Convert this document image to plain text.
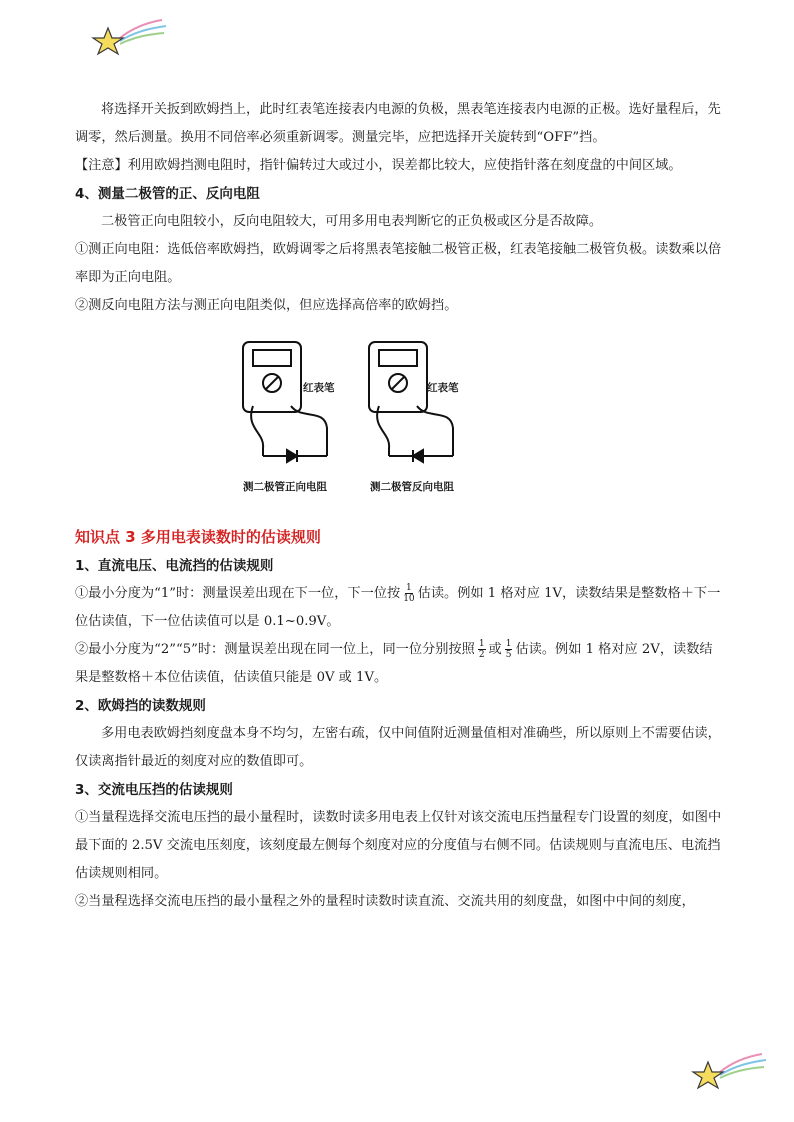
将选择开关扳到欧姆挡上，此时红表笔连接表内电源的负极，黑表笔连接表内电源的正极。选好量程后，先调零，然后测量。换用不同倍率必须重新调零。测量完毕，应把选择开关旋转到“OFF”挡。

【注意】利用欧姆挡测电阻时，指针偏转过大或过小，误差都比较大，应使指针落在刻度盘的中间区域。

4、测量二极管的正、反向电阻

二极管正向电阻较小，反向电阻较大，可用多用电表判断它的正负极或区分是否故障。

①测正向电阻：选低倍率欧姆挡，欧姆调零之后将黑表笔接触二极管正极，红表笔接触二极管负极。读数乘以倍率即为正向电阻。

②测反向电阻方法与测正向电阻类似，但应选择高倍率的欧姆挡。

红表笔	红表笔
测二极管正向电阻	测二极管反向电阻

知识点 3 多用电表读数时的估读规则

1、直流电压、电流挡的估读规则

①最小分度为“1”时：测量误差出现在下一位，下一位按 $\frac{1}{10}$ 估读。例如 1 格对应 1V，读数结果是整数格＋下一位估读值，下一位估读值可以是 0.1~0.9V。

②最小分度为“2”“5”时：测量误差出现在同一位上，同一位分别按照 $\frac{1}{2}$ 或 $\frac{1}{5}$ 估读。例如 1 格对应 2V，读数结果是整数格＋本位估读值，估读值只能是 0V 或 1V。

2、欧姆挡的读数规则

多用电表欧姆挡刻度盘本身不均匀，左密右疏，仅中间值附近测量值相对准确些，所以原则上不需要估读，仅读离指针最近的刻度对应的数值即可。

3、交流电压挡的估读规则

①当量程选择交流电压挡的最小量程时，读数时读多用电表上仅针对该交流电压挡量程专门设置的刻度，如图中最下面的 2.5V 交流电压刻度，该刻度最左侧每个刻度对应的分度值与右侧不同。估读规则与直流电压、电流挡估读规则相同。

②当量程选择交流电压挡的最小量程之外的量程时读数时读直流、交流共用的刻度盘，如图中中间的刻度，
